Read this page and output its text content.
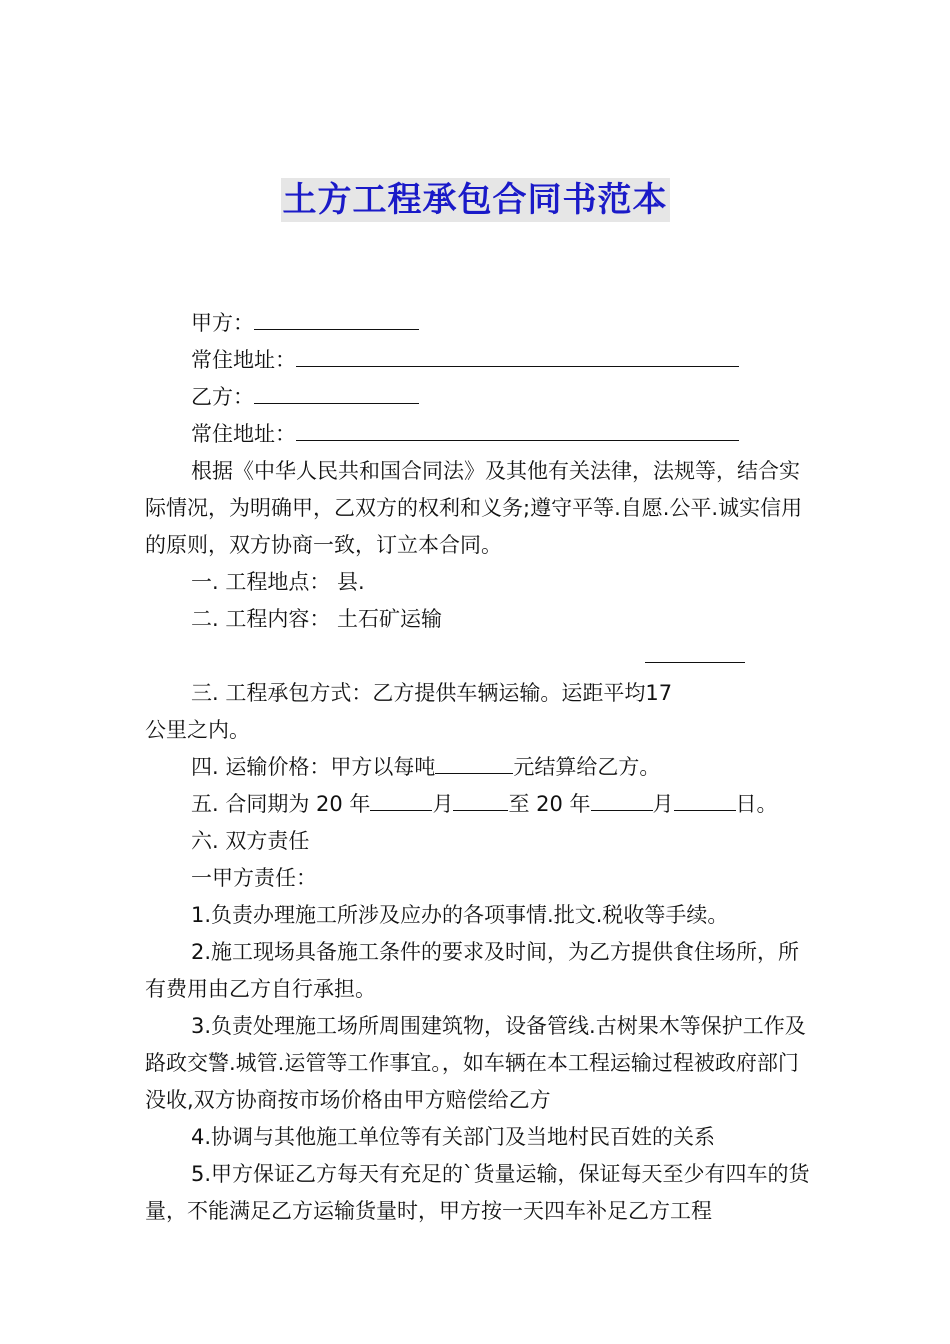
土方工程承包合同书范本

甲方：

常住地址：

乙方：

常住地址：

根据《中华人民共和国合同法》及其他有关法律，法规等，结合实际情况，为明确甲，乙双方的权利和义务;遵守平等.自愿.公平.诚实信用的原则，双方协商一致，订立本合同。

一. 工程地点： 县.

二. 工程内容： 土石矿运输

三. 工程承包方式：乙方提供车辆运输。运距平均17
公里之内。

四. 运输价格：甲方以每吨	元结算给乙方。

五. 合同期为 20 年	月	至 20 年	月	日。

六. 双方责任

一甲方责任：

1.负责办理施工所涉及应办的各项事情.批文.税收等手续。

2.施工现场具备施工条件的要求及时间，为乙方提供食住场所，所有费用由乙方自行承担。

3.负责处理施工场所周围建筑物，设备管线.古树果木等保护工作及路政交警.城管.运管等工作事宜。，如车辆在本工程运输过程被政府部门没收,双方协商按市场价格由甲方赔偿给乙方

4.协调与其他施工单位等有关部门及当地村民百姓的关系

5.甲方保证乙方每天有充足的`货量运输，保证每天至少有四车的货量，不能满足乙方运输货量时，甲方按一天四车补足乙方工程
